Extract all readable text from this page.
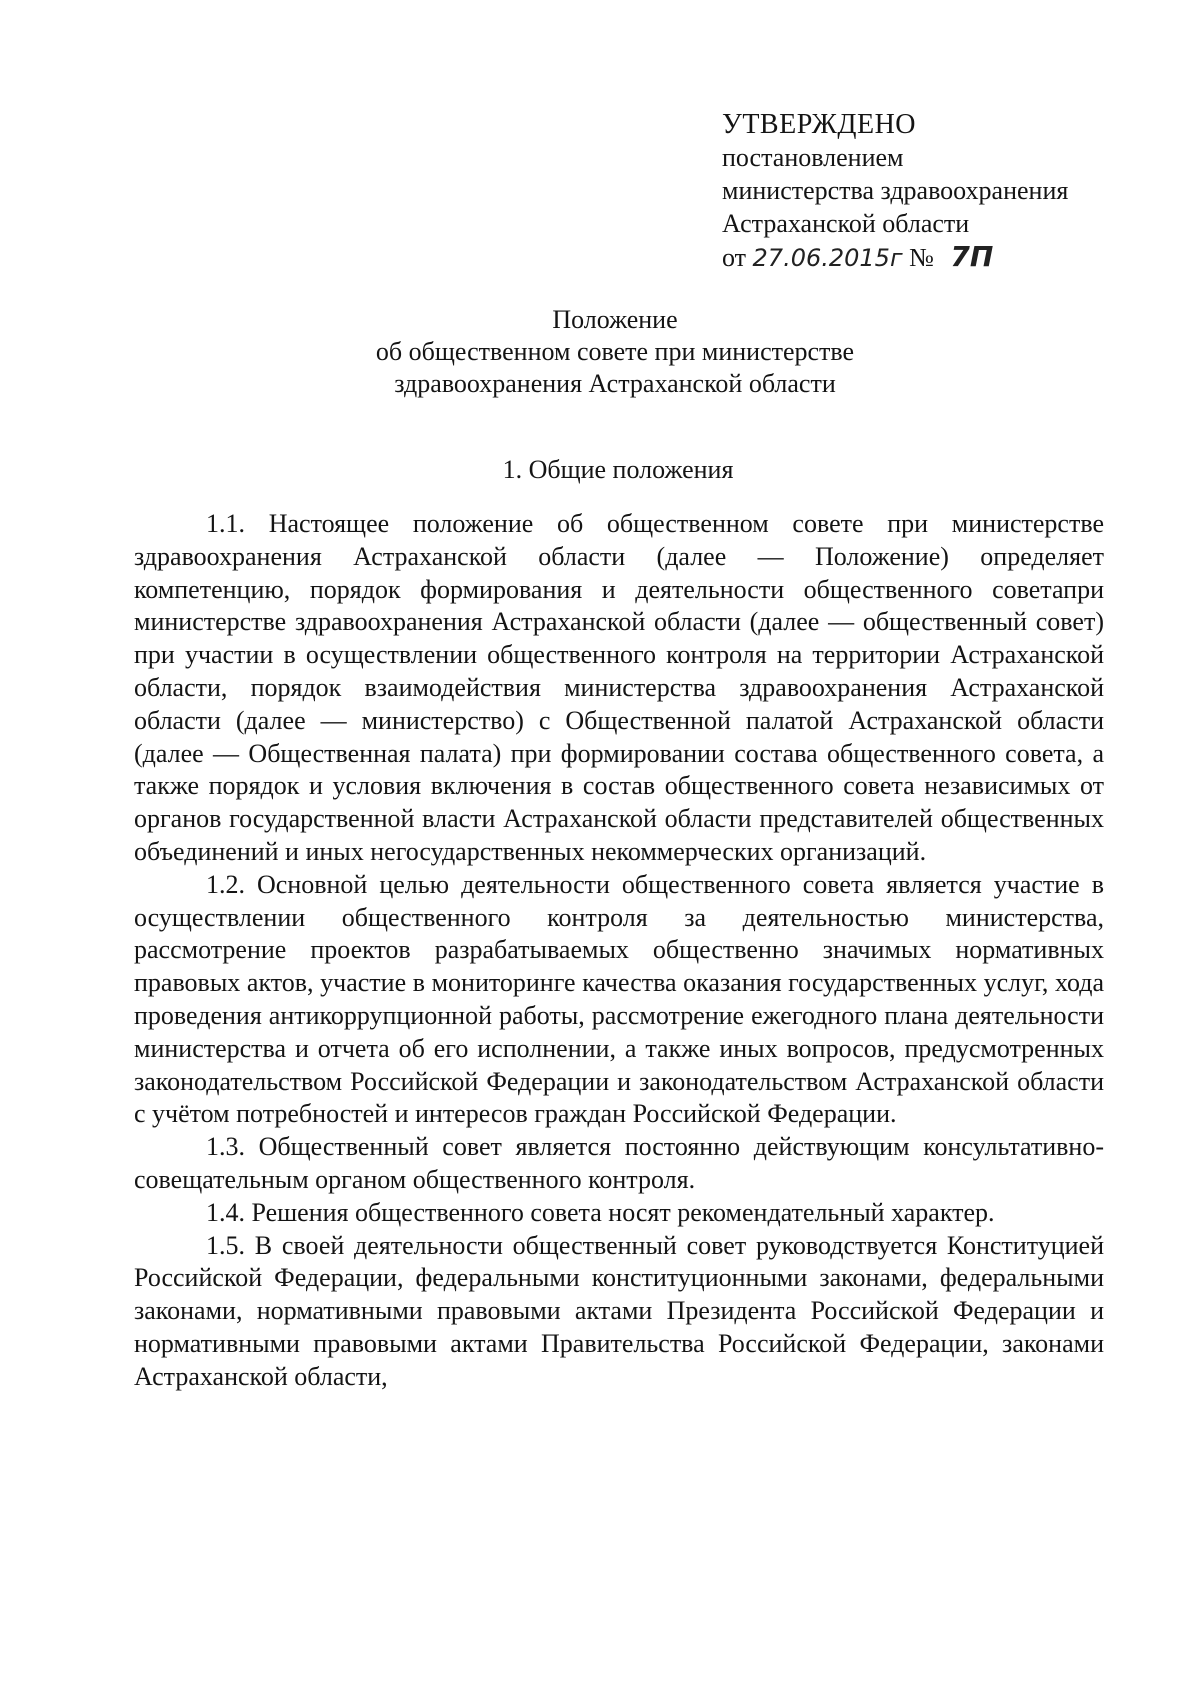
УТВЕРЖДЕНО
постановлением
министерства здравоохранения
Астраханской области
от 27.06.2015г № 7П
Положение
об общественном совете при министерстве
здравоохранения Астраханской области
1. Общие положения

1.1. Настоящее положение об общественном совете при министерстве здравоохранения Астраханской области (далее — Положение) определяет компетенцию, порядок формирования и деятельности общественного советапри министерстве здравоохранения Астраханской области (далее — общественный совет) при участии в осуществлении общественного контроля на территории Астраханской области, порядок взаимодействия министерства здравоохранения Астраханской области (далее — министерство) с Общественной палатой Астраханской области (далее — Общественная палата) при формировании состава общественного совета, а также порядок и условия включения в состав общественного совета независимых от органов государственной власти Астраханской области представителей общественных объединений и иных негосударственных некоммерческих организаций.

1.2. Основной целью деятельности общественного совета является участие в осуществлении общественного контроля за деятельностью министерства, рассмотрение проектов разрабатываемых общественно значимых нормативных правовых актов, участие в мониторинге качества оказания государственных услуг, хода проведения антикоррупционной работы, рассмотрение ежегодного плана деятельности министерства и отчета об его исполнении, а также иных вопросов, предусмотренных законодательством Российской Федерации и законодательством Астраханской области с учётом потребностей и интересов граждан Российской Федерации.

1.3. Общественный совет является постоянно действующим консультативно-совещательным органом общественного контроля.

1.4. Решения общественного совета носят рекомендательный характер.

1.5. В своей деятельности общественный совет руководствуется Конституцией Российской Федерации, федеральными конституционными законами, федеральными законами, нормативными правовыми актами Президента Российской Федерации и нормативными правовыми актами Правительства Российской Федерации, законами Астраханской области,
